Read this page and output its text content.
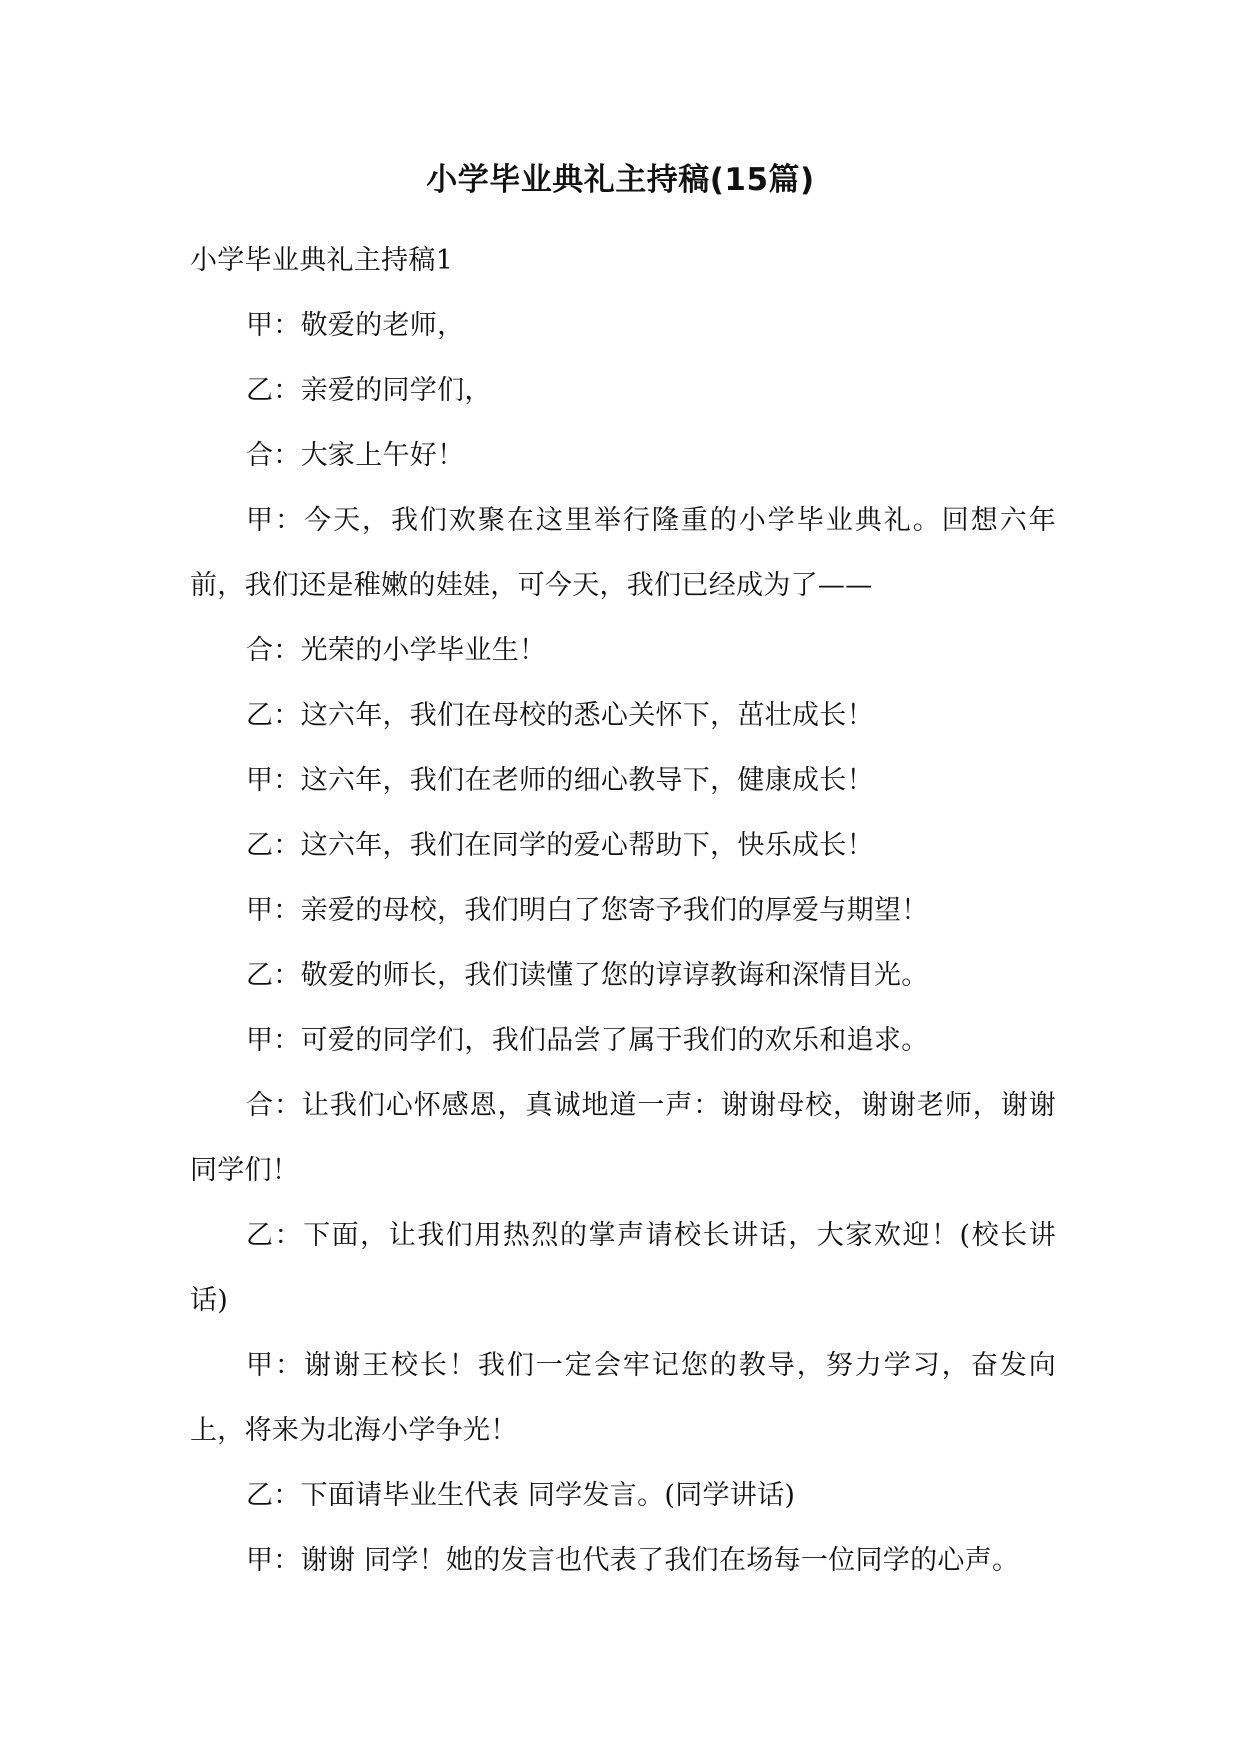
小学毕业典礼主持稿(15篇)

小学毕业典礼主持稿1

甲：敬爱的老师，

乙：亲爱的同学们，

合：大家上午好！

甲：今天，我们欢聚在这里举行隆重的小学毕业典礼。回想六年前，我们还是稚嫩的娃娃，可今天，我们已经成为了——

合：光荣的小学毕业生！

乙：这六年，我们在母校的悉心关怀下，茁壮成长！

甲：这六年，我们在老师的细心教导下，健康成长！

乙：这六年，我们在同学的爱心帮助下，快乐成长！

甲：亲爱的母校，我们明白了您寄予我们的厚爱与期望！

乙：敬爱的师长，我们读懂了您的谆谆教诲和深情目光。

甲：可爱的同学们，我们品尝了属于我们的欢乐和追求。

合：让我们心怀感恩，真诚地道一声：谢谢母校，谢谢老师，谢谢同学们！

乙：下面，让我们用热烈的掌声请校长讲话，大家欢迎！(校长讲话)

甲：谢谢王校长！我们一定会牢记您的教导，努力学习，奋发向上，将来为北海小学争光！

乙：下面请毕业生代表 同学发言。(同学讲话)

甲：谢谢 同学！她的发言也代表了我们在场每一位同学的心声。
